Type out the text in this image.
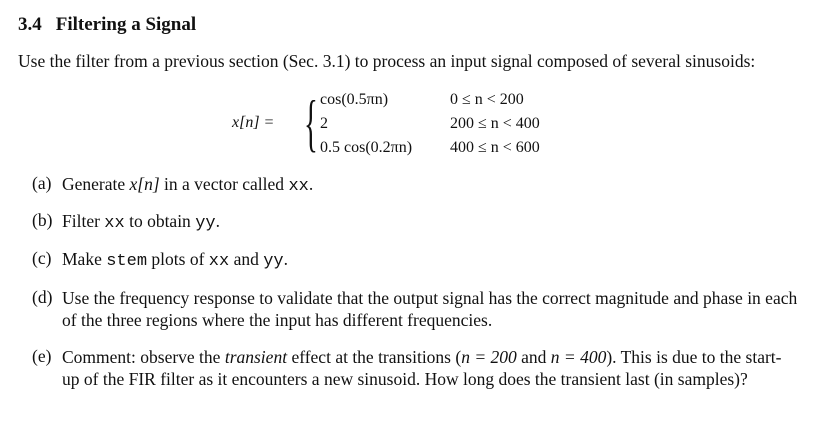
3.4 Filtering a Signal
Use the filter from a previous section (Sec. 3.1) to process an input signal composed of several sinusoids:
x[n] = { cos(0.5πn)	0 ≤ n < 200
2	200 ≤ n < 400
0.5 cos(0.2πn) 400 ≤ n < 600
(a) Generate x[n] in a vector called xx.
(b) Filter xx to obtain yy.
(c) Make stem plots of xx and yy.
(d) Use the frequency response to validate that the output signal has the correct magnitude and phase in each of the three regions where the input has different frequencies.
(e) Comment: observe the transient effect at the transitions (n = 200 and n = 400). This is due to the start-up of the FIR filter as it encounters a new sinusoid. How long does the transient last (in samples)?
